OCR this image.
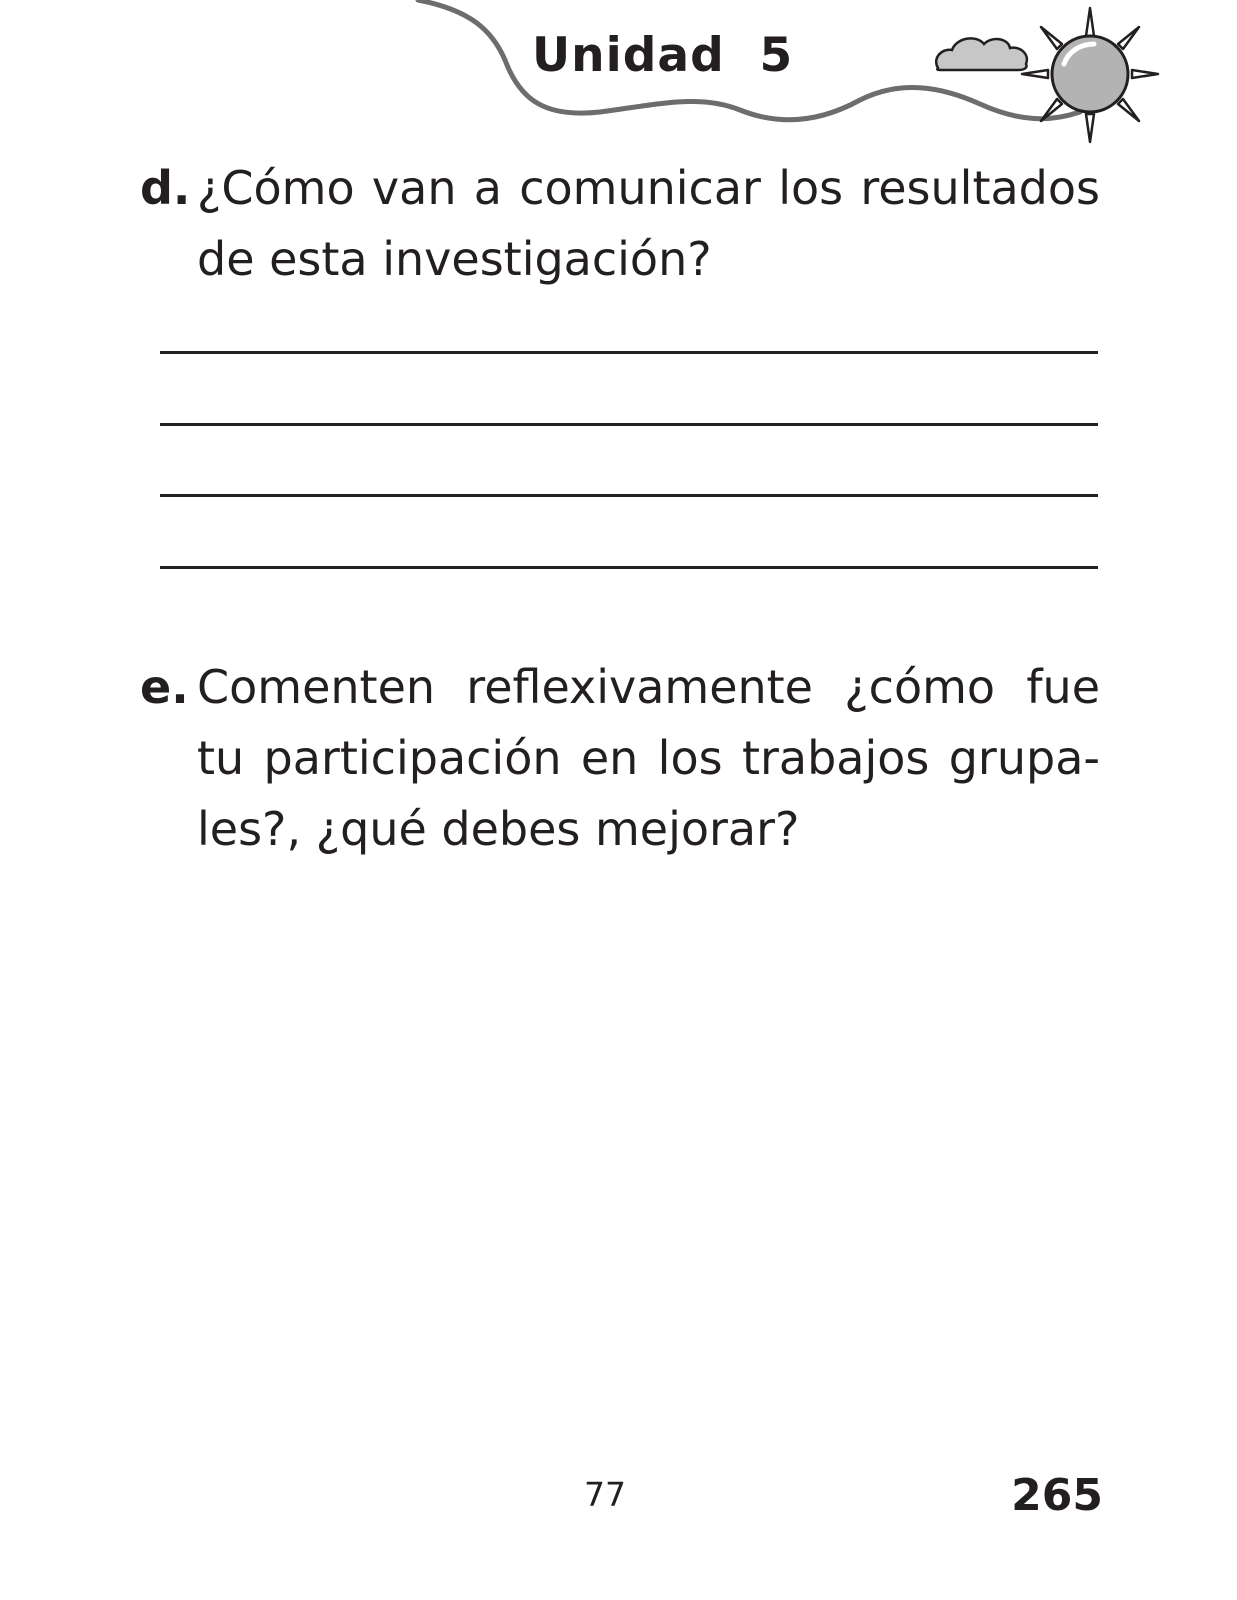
Unidad  5
d. ¿Cómo van a comunicar los resultados de esta investigación?
e. Comenten reflexivamente ¿cómo fue tu participación en los trabajos grupales?, ¿qué debes mejorar?
77	265
